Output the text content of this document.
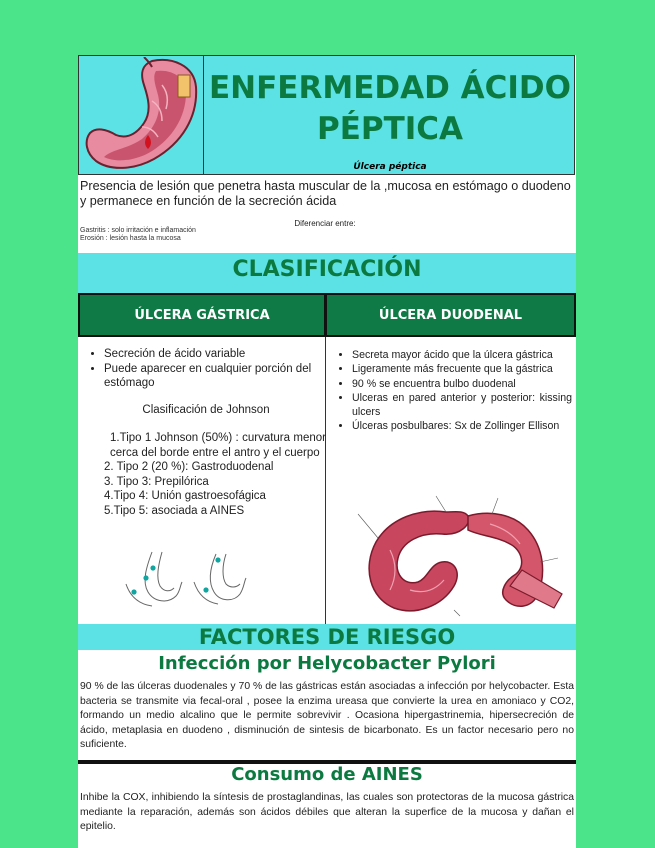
ENFERMEDAD ÁCIDO
PÉPTICA
Úlcera péptica
Presencia de lesión que penetra hasta muscular de la ,mucosa en estómago o duodeno y permanece en función de la secreción ácida
Diferenciar entre:
Gastritis : solo irritación e inflamación
Erosión : lesión hasta la mucosa
CLASIFICACIÓN
ÚLCERA GÁSTRICA	ÚLCERA DUODENAL
• Secreción de ácido variable
• Puede aparecer en cualquier porción del estómago
Clasificación de Johnson
1.Tipo 1 Johnson (50%) : curvatura menor cerca del borde entre el antro y el cuerpo
2. Tipo 2 (20 %): Gastroduodenal
3. Tipo 3: Prepilórica
4.Tipo 4: Unión gastroesofágica
5.Tipo 5: asociada a AINES
• Secreta mayor ácido que la úlcera gástrica
• Ligeramente más frecuente que la gástrica
• 90 % se encuentra bulbo duodenal
• Ulceras en pared anterior y posterior: kissing ulcers
• Úlceras posbulbares: Sx de Zollinger Ellison
FACTORES DE RIESGO
Infección por Helycobacter Pylori
90 % de las úlceras duodenales y 70 % de las gástricas están asociadas a infección por helycobacter. Esta bacteria se transmite via fecal-oral , posee la enzima ureasa que convierte la urea en amoniaco y CO2, formando un medio alcalino que le permite sobrevivir . Ocasiona hipergastrinemia, hipersecreción de ácido, metaplasia en duodeno , disminución de sintesis de bicarbonato. Es un factor necesario pero no suficiente.
Consumo de AINES
Inhibe la COX, inhibiendo la síntesis de prostaglandinas, las cuales son protectoras de la mucosa gástrica mediante la reparación, además son ácidos débiles que alteran la superfice de la mucosa y dañan el epitelio.
